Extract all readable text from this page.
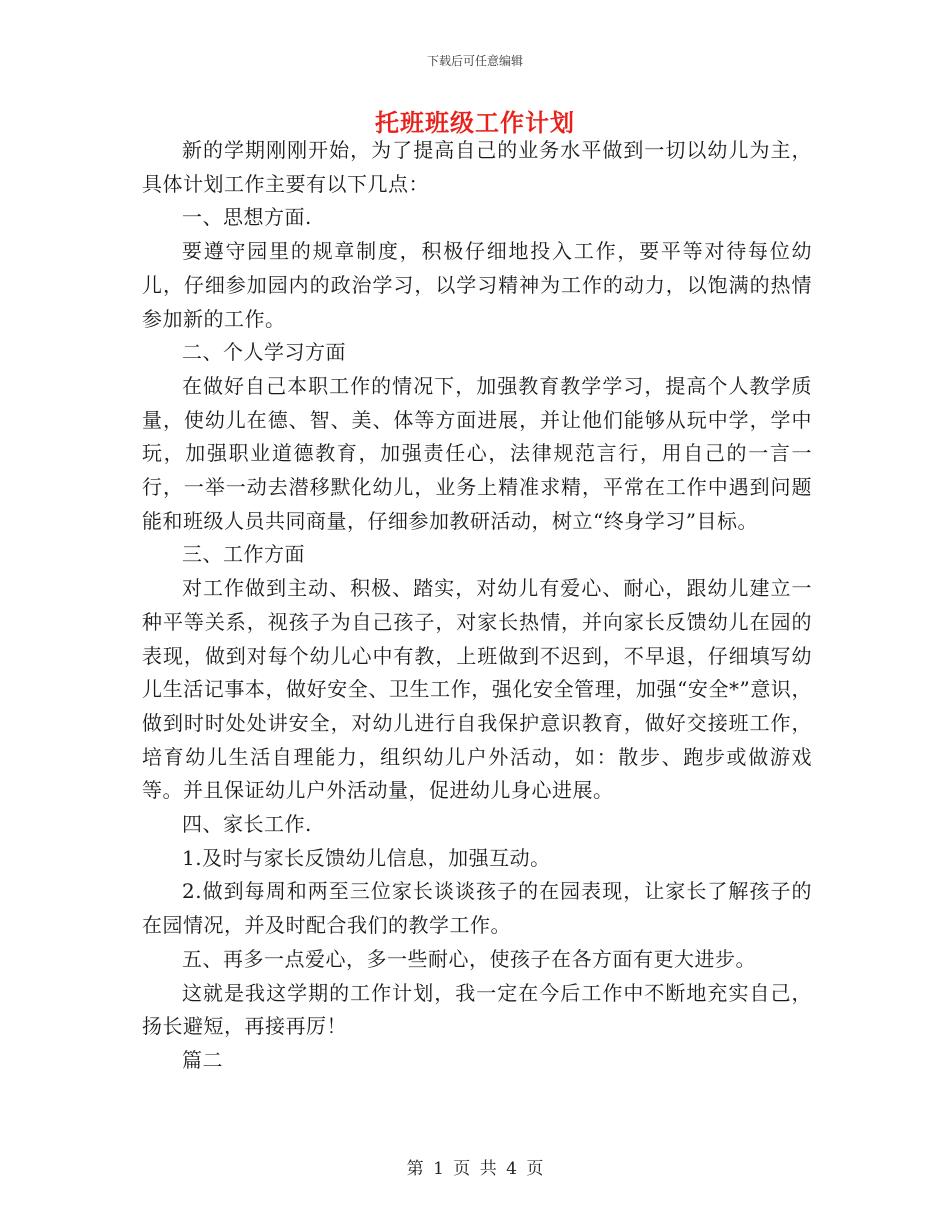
下载后可任意编辑
托班班级工作计划

新的学期刚刚开始，为了提高自己的业务水平做到一切以幼儿为主，具体计划工作主要有以下几点：

一、思想方面.

要遵守园里的规章制度，积极仔细地投入工作，要平等对待每位幼儿，仔细参加园内的政治学习，以学习精神为工作的动力，以饱满的热情参加新的工作。

二、个人学习方面

在做好自己本职工作的情况下，加强教育教学学习，提高个人教学质量，使幼儿在德、智、美、体等方面进展，并让他们能够从玩中学，学中玩，加强职业道德教育，加强责任心，法律规范言行，用自己的一言一行，一举一动去潜移默化幼儿，业务上精准求精，平常在工作中遇到问题能和班级人员共同商量，仔细参加教研活动，树立“终身学习”目标。

三、工作方面

对工作做到主动、积极、踏实，对幼儿有爱心、耐心，跟幼儿建立一种平等关系，视孩子为自己孩子，对家长热情，并向家长反馈幼儿在园的表现，做到对每个幼儿心中有教，上班做到不迟到，不早退，仔细填写幼儿生活记事本，做好安全、卫生工作，强化安全管理，加强“安全*”意识，做到时时处处讲安全，对幼儿进行自我保护意识教育，做好交接班工作，培育幼儿生活自理能力，组织幼儿户外活动，如：散步、跑步或做游戏等。并且保证幼儿户外活动量，促进幼儿身心进展。

四、家长工作.

1.及时与家长反馈幼儿信息，加强互动。

2.做到每周和两至三位家长谈谈孩子的在园表现，让家长了解孩子的在园情况，并及时配合我们的教学工作。

五、再多一点爱心，多一些耐心，使孩子在各方面有更大进步。

这就是我这学期的工作计划，我一定在今后工作中不断地充实自己，扬长避短，再接再厉！

篇二

第 1 页 共 4 页
